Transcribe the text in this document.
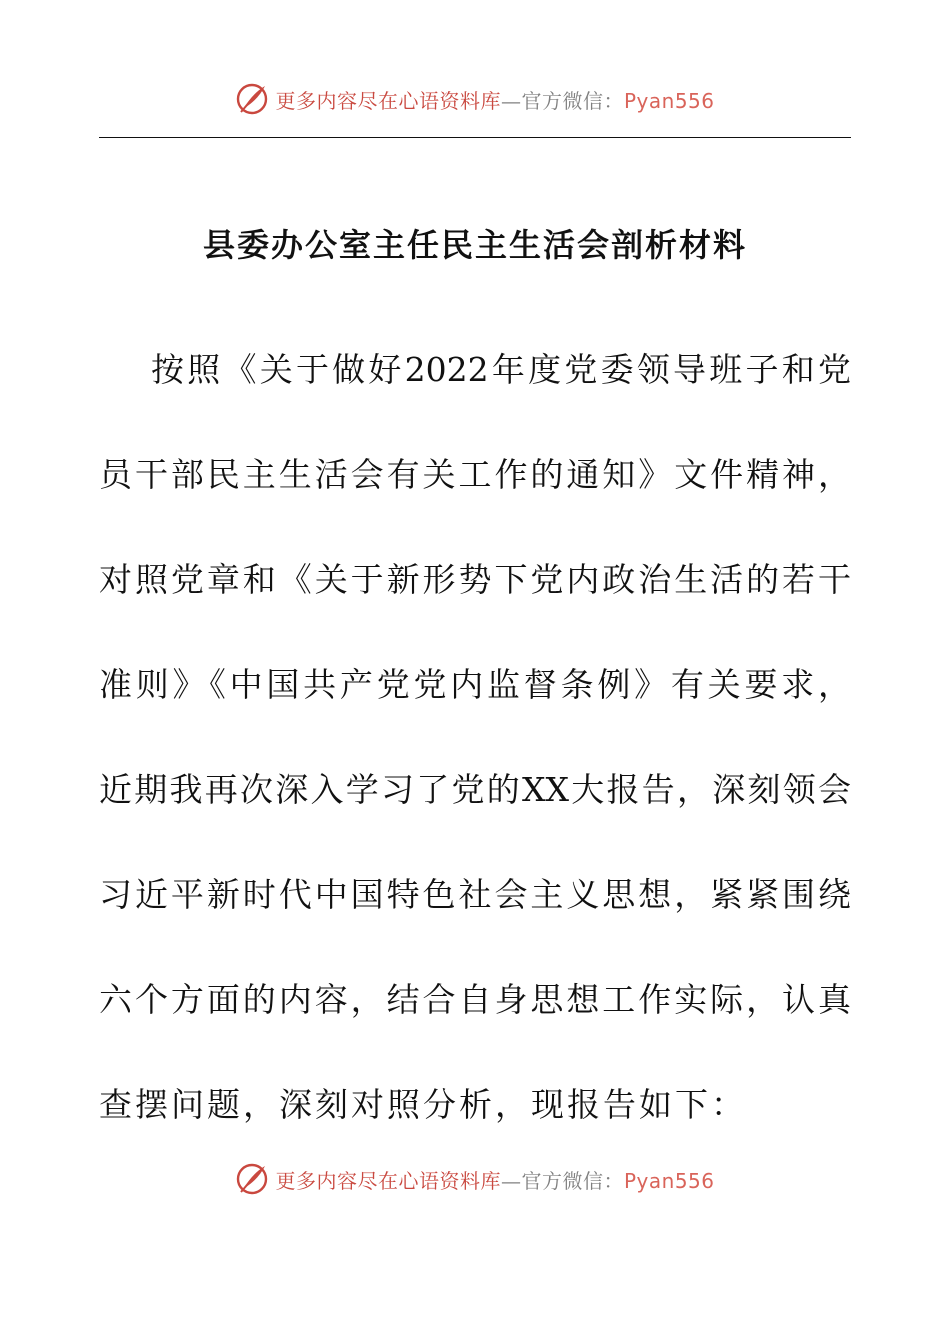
更多内容尽在心语资料库—官方微信：Pyan556
县委办公室主任民主生活会剖析材料
按照《关于做好2022年度党委领导班子和党
员干部民主生活会有关工作的通知》文件精神，
对照党章和《关于新形势下党内政治生活的若干
准则》《中国共产党党内监督条例》有关要求，
近期我再次深入学习了党的XX大报告，深刻领会
习近平新时代中国特色社会主义思想，紧紧围绕
六个方面的内容，结合自身思想工作实际，认真
查摆问题，深刻对照分析，现报告如下：
更多内容尽在心语资料库—官方微信：Pyan556
